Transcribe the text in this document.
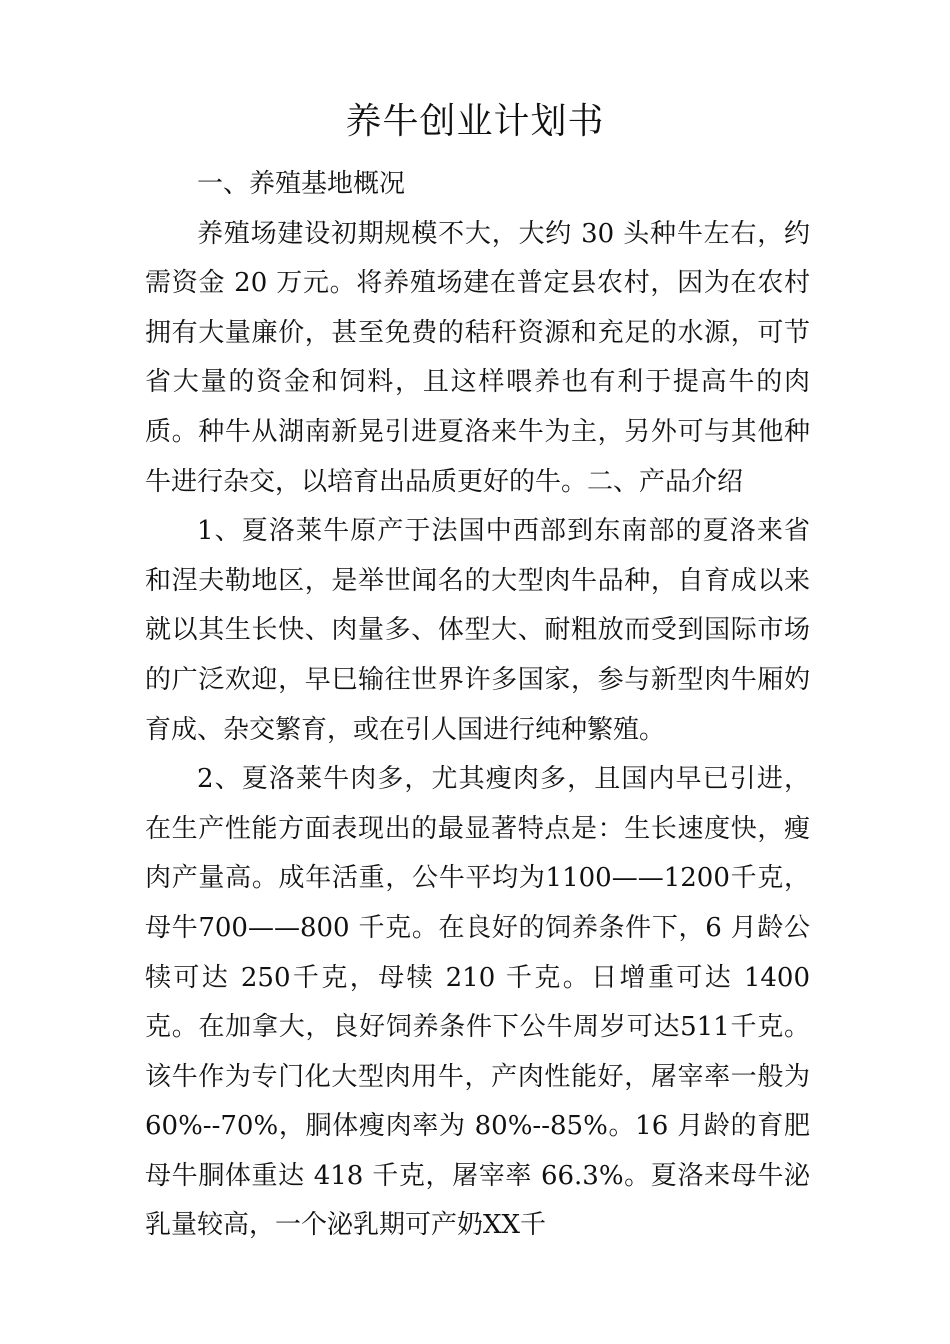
养牛创业计划书

一、养殖基地概况

养殖场建设初期规模不大，大约 30 头种牛左右，约需资金 20 万元。将养殖场建在普定县农村，因为在农村拥有大量廉价，甚至免费的秸秆资源和充足的水源，可节省大量的资金和饲料，且这样喂养也有利于提高牛的肉质。种牛从湖南新晃引进夏洛来牛为主，另外可与其他种牛进行杂交，以培育出品质更好的牛。二、产品介绍

1、夏洛莱牛原产于法国中西部到东南部的夏洛来省和涅夫勒地区，是举世闻名的大型肉牛品种，自育成以来就以其生长快、肉量多、体型大、耐粗放而受到国际市场的广泛欢迎，早巳输往世界许多国家，参与新型肉牛厢妁育成、杂交繁育，或在引人国进行纯种繁殖。

2、夏洛莱牛肉多，尤其瘦肉多，且国内早已引进，在生产性能方面表现出的最显著特点是：生长速度快，瘦肉产量高。成年活重，公牛平均为1100——1200千克，母牛700——800 千克。在良好的饲养条件下，6 月龄公犊可达 250千克，母犊 210 千克。日增重可达 1400 克。在加拿大，良好饲养条件下公牛周岁可达511千克。该牛作为专门化大型肉用牛，产肉性能好，屠宰率一般为60%--70%，胴体瘦肉率为 80%--85%。16 月龄的育肥母牛胴体重达 418 千克，屠宰率 66.3%。夏洛来母牛泌乳量较高，一个泌乳期可产奶XX千
